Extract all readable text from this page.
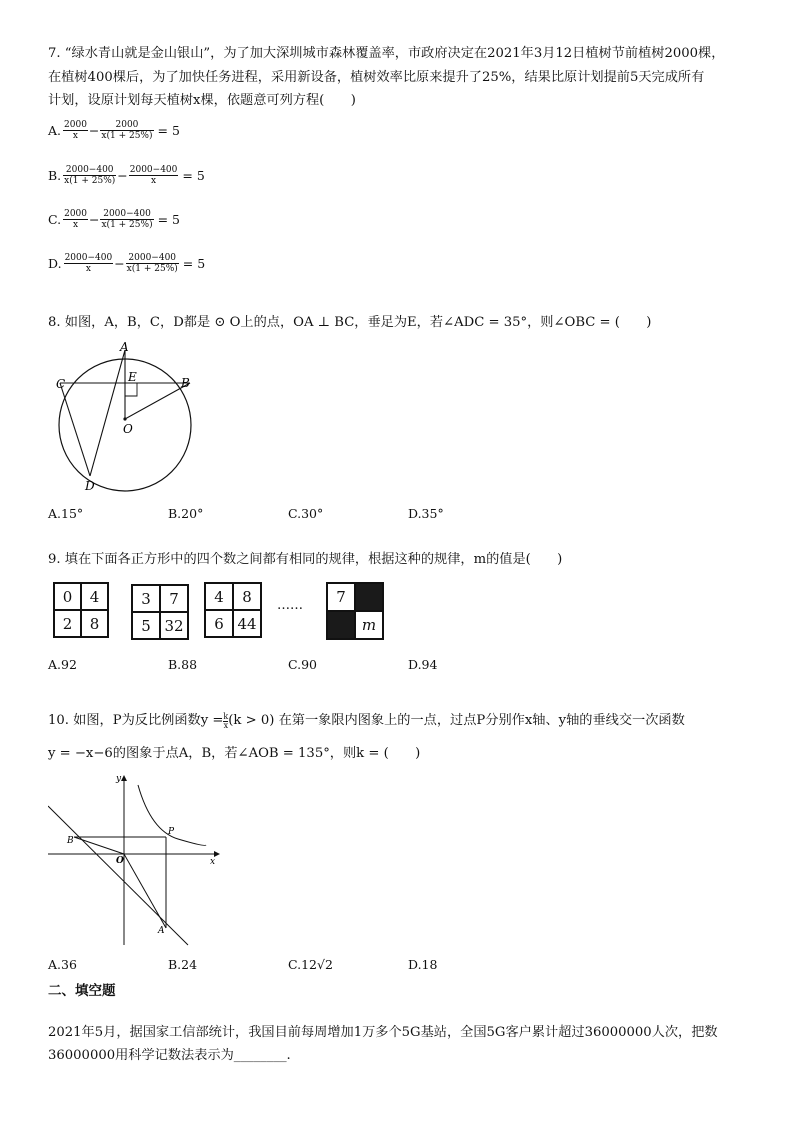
7. “绿水青山就是金山银山”，为了加大深圳城市森林覆盖率，市政府决定在2021年3月12日植树节前植树2000棵，
在植树400棵后，为了加快任务进程，采用新设备，植树效率比原来提升了25%，结果比原计划提前5天完成所有
计划，设原计划每天植树x棵，依题意可列方程(　　)
A. $\frac{2000}{x} - \frac{2000}{x(1 + 25\%)} = 5$
B. $\frac{2000-400}{x(1 + 25\%)} - \frac{2000-400}{x} = 5$
C. $\frac{2000}{x} - \frac{2000-400}{x(1 + 25\%)} = 5$
D. $\frac{2000-400}{x} - \frac{2000-400}{x(1 + 25\%)} = 5$
8. 如图，A，B，C，D都是 ⊙ O上的点，OA ⊥ BC，垂足为E，若∠ADC = 35°，则∠OBC = (　　)
A
B
C
D
E
O
A.15°	B.20°	C.30°	D.35°
9. 填在下面各正方形中的四个数之间都有相同的规律，根据这种的规律，m的值是(　　)
0	4
2	8
3	7
5 32
4	8
6 44
……	7
m
A.92	B.88	C.90	D.94
10. 如图，P为反比例函数$y = \frac{k}{x} (k > 0)$ 在第一象限内图象上的一点，过点P分别作x轴、y轴的垂线交一次函数
y = −x−6的图象于点A，B，若∠AOB = 135°，则k = (　　)
y
x
O
B
P
A
A.36	B.24	C.12√2	D.18
二、填空题
2021年5月，据国家工信部统计，我国目前每周增加1万多个5G基站，全国5G客户累计超过36000000人次，把数
36000000用科学记数法表示为________.
